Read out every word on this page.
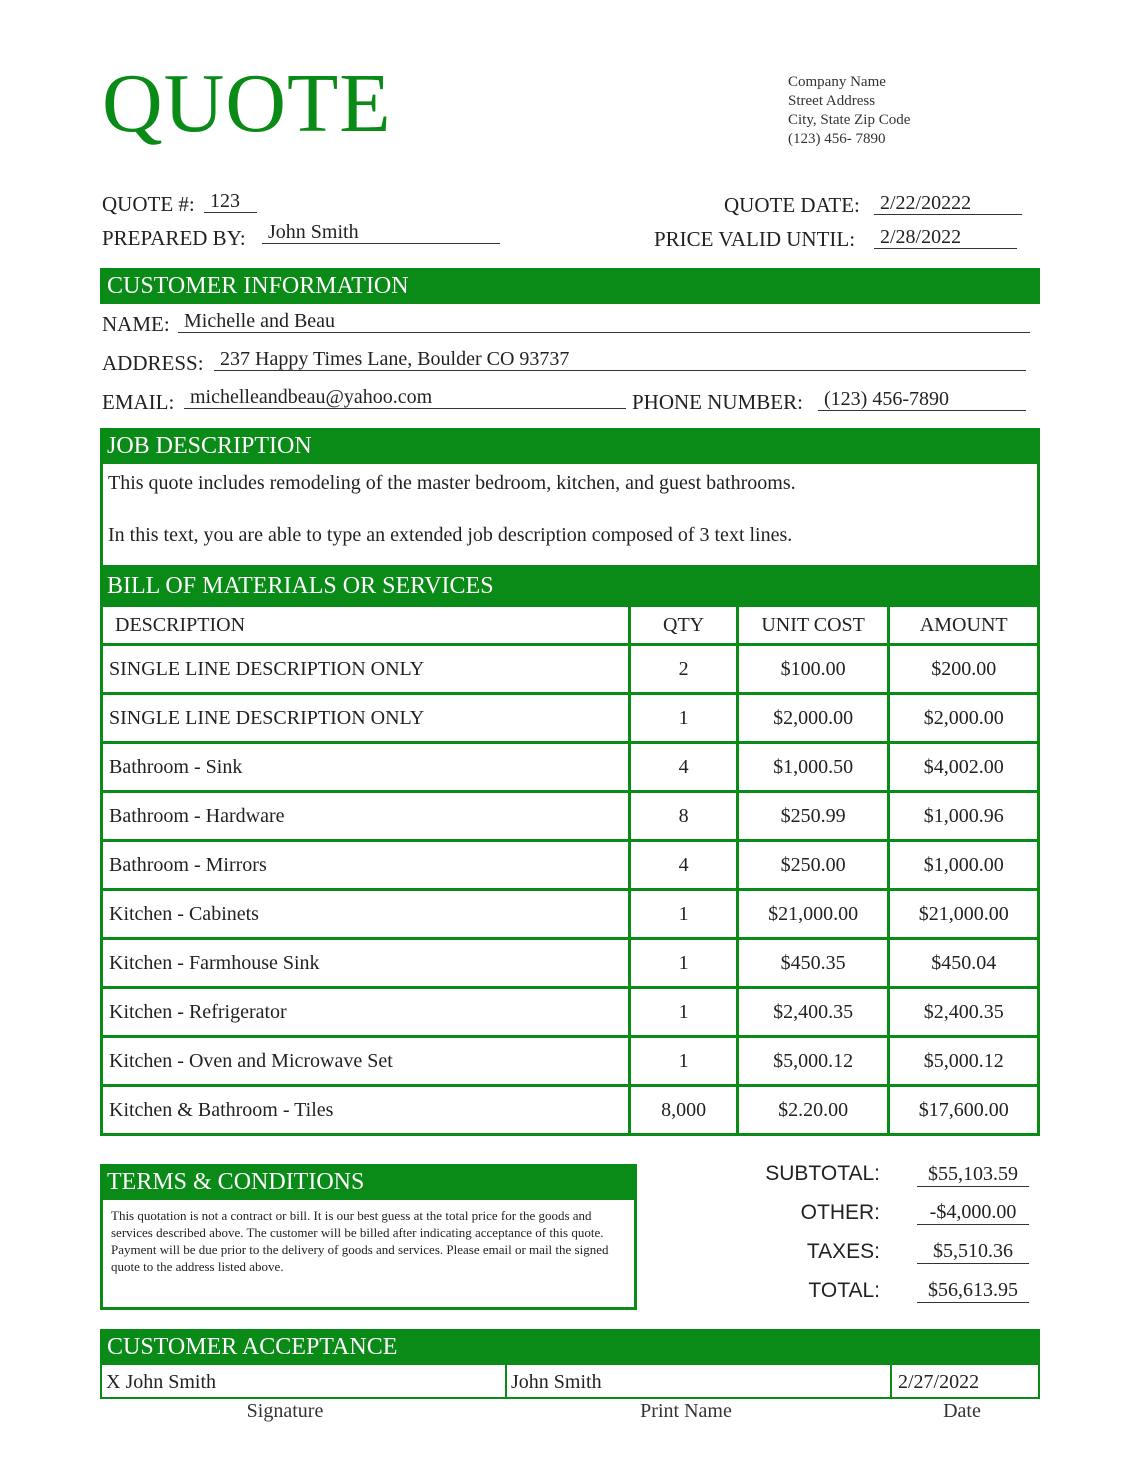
QUOTE	Company Name
Street Address
City, State Zip Code
(123) 456- 7890
QUOTE #: 123
PREPARED BY:	John Smith
QUOTE DATE:	2/22/20222
PRICE VALID UNTIL:	2/28/2022
CUSTOMER INFORMATION
NAME: Michelle and Beau
ADDRESS: 237 Happy Times Lane, Boulder CO 93737
EMAIL: michelleandbeau@yahoo.com	PHONE NUMBER:	(123) 456-7890
JOB DESCRIPTION
This quote includes remodeling of the master bedroom, kitchen, and guest bathrooms.
In this text, you are able to type an extended job description composed of 3 text lines.
BILL OF MATERIALS OR SERVICES
DESCRIPTION	QTY	UNIT COST	AMOUNT
SINGLE LINE DESCRIPTION ONLY	2	$100.00	$200.00
SINGLE LINE DESCRIPTION ONLY	1	$2,000.00	$2,000.00
Bathroom - Sink	4	$1,000.50	$4,002.00
Bathroom - Hardware	8	$250.99	$1,000.96
Bathroom - Mirrors	4	$250.00	$1,000.00
Kitchen - Cabinets	1	$21,000.00	$21,000.00
Kitchen - Farmhouse Sink	1	$450.35	$450.04
Kitchen - Refrigerator	1	$2,400.35	$2,400.35
Kitchen - Oven and Microwave Set	1	$5,000.12	$5,000.12
Kitchen & Bathroom - Tiles	8,000	$2.20.00	$17,600.00
TERMS & CONDITIONS
This quotation is not a contract or bill. It is our best guess at the total price for the goods and services described above. The customer will be billed after indicating acceptance of this quote. Payment will be due prior to the delivery of goods and services. Please email or mail the signed quote to the address listed above.
SUBTOTAL:	$55,103.59
OTHER:	-$4,000.00
TAXES:	$5,510.36
TOTAL:	$56,613.95
CUSTOMER ACCEPTANCE
X John Smith	John Smith	2/27/2022
Signature	Print Name	Date
